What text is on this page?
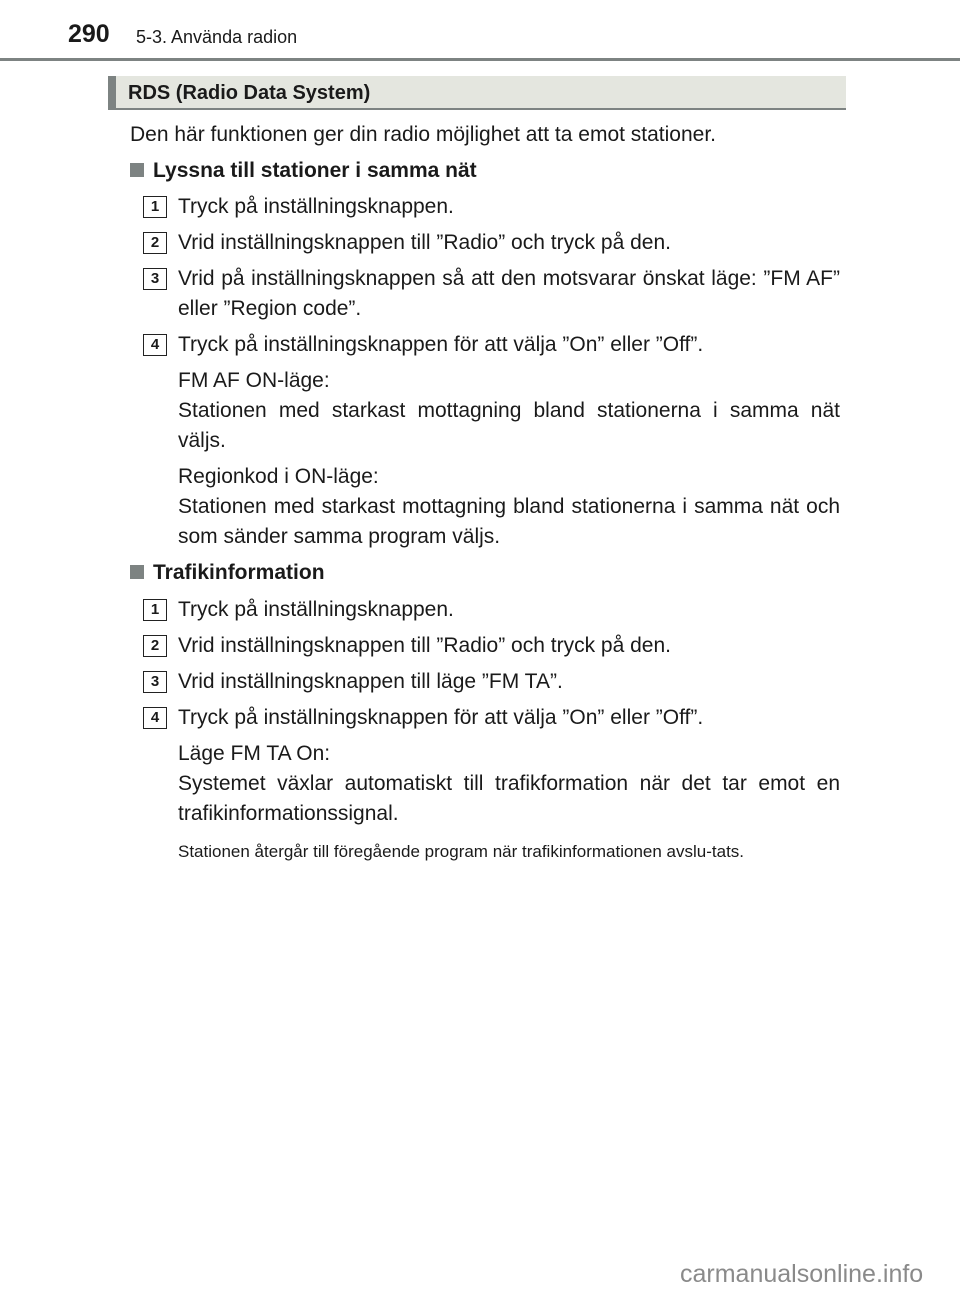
290 5-3. Använda radion
RDS (Radio Data System)
Den här funktionen ger din radio möjlighet att ta emot stationer.
Lyssna till stationer i samma nät
1 Tryck på inställningsknappen.
2 Vrid inställningsknappen till ”Radio” och tryck på den.
3 Vrid på inställningsknappen så att den motsvarar önskat läge: ”FM AF” eller ”Region code”.
4 Tryck på inställningsknappen för att välja ”On” eller ”Off”.
FM AF ON-läge:
Stationen med starkast mottagning bland stationerna i samma nät väljs.
Regionkod i ON-läge:
Stationen med starkast mottagning bland stationerna i samma nät och som sänder samma program väljs.
Trafikinformation
1 Tryck på inställningsknappen.
2 Vrid inställningsknappen till ”Radio” och tryck på den.
3 Vrid inställningsknappen till läge ”FM TA”.
4 Tryck på inställningsknappen för att välja ”On” eller ”Off”.
Läge FM TA On:
Systemet växlar automatiskt till trafikformation när det tar emot en trafikinformationssignal.
Stationen återgår till föregående program när trafikinformationen avslu-tats.
carmanualsonline.info
